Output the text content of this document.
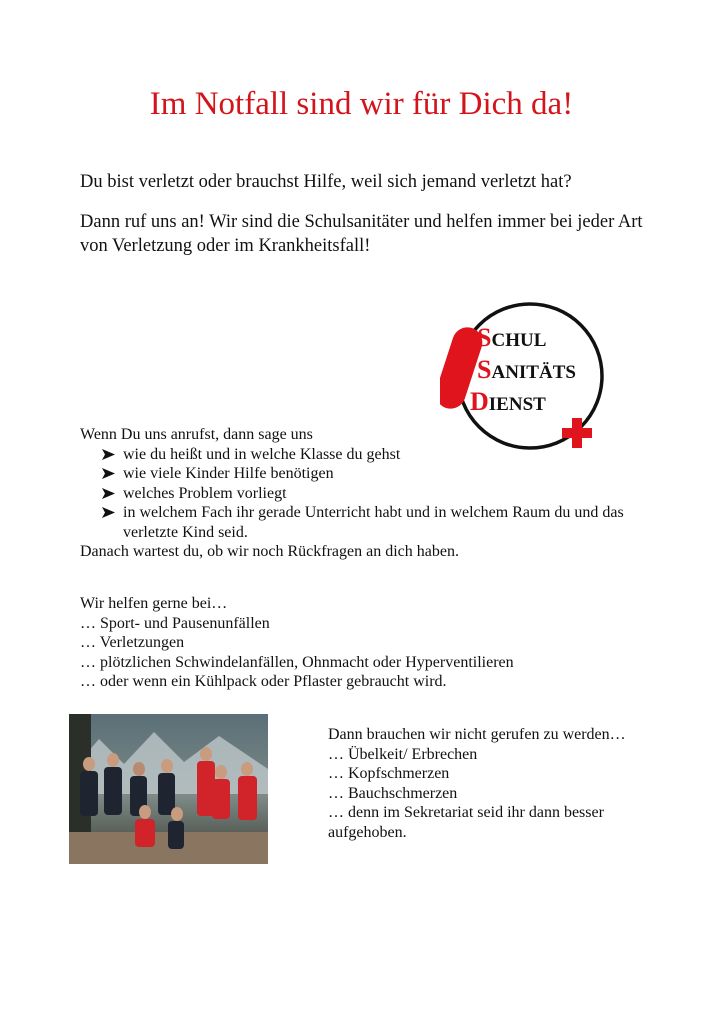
Im Notfall sind wir für Dich da!

Du bist verletzt oder brauchst Hilfe, weil sich jemand verletzt hat?

Dann ruf uns an! Wir sind die Schulsanitäter und helfen immer bei jeder Art von Verletzung oder im Krankheitsfall!

SCHUL
SANITÄTS
DIENST
Wenn Du uns anrufst, dann sage uns
wie du heißt und in welche Klasse du gehst
wie viele Kinder Hilfe benötigen
welches Problem vorliegt
in welchem Fach ihr gerade Unterricht habt und in welchem Raum du und das verletzte Kind seid.
Danach wartest du, ob wir noch Rückfragen an dich haben.
Wir helfen gerne bei…
… Sport- und Pausenunfällen
… Verletzungen
… plötzlichen Schwindelanfällen, Ohnmacht oder Hyperventilieren
… oder wenn ein Kühlpack oder Pflaster gebraucht wird.
Dann brauchen wir nicht gerufen zu werden…
… Übelkeit/ Erbrechen
… Kopfschmerzen
… Bauchschmerzen
… denn im Sekretariat seid ihr dann besser aufgehoben.
